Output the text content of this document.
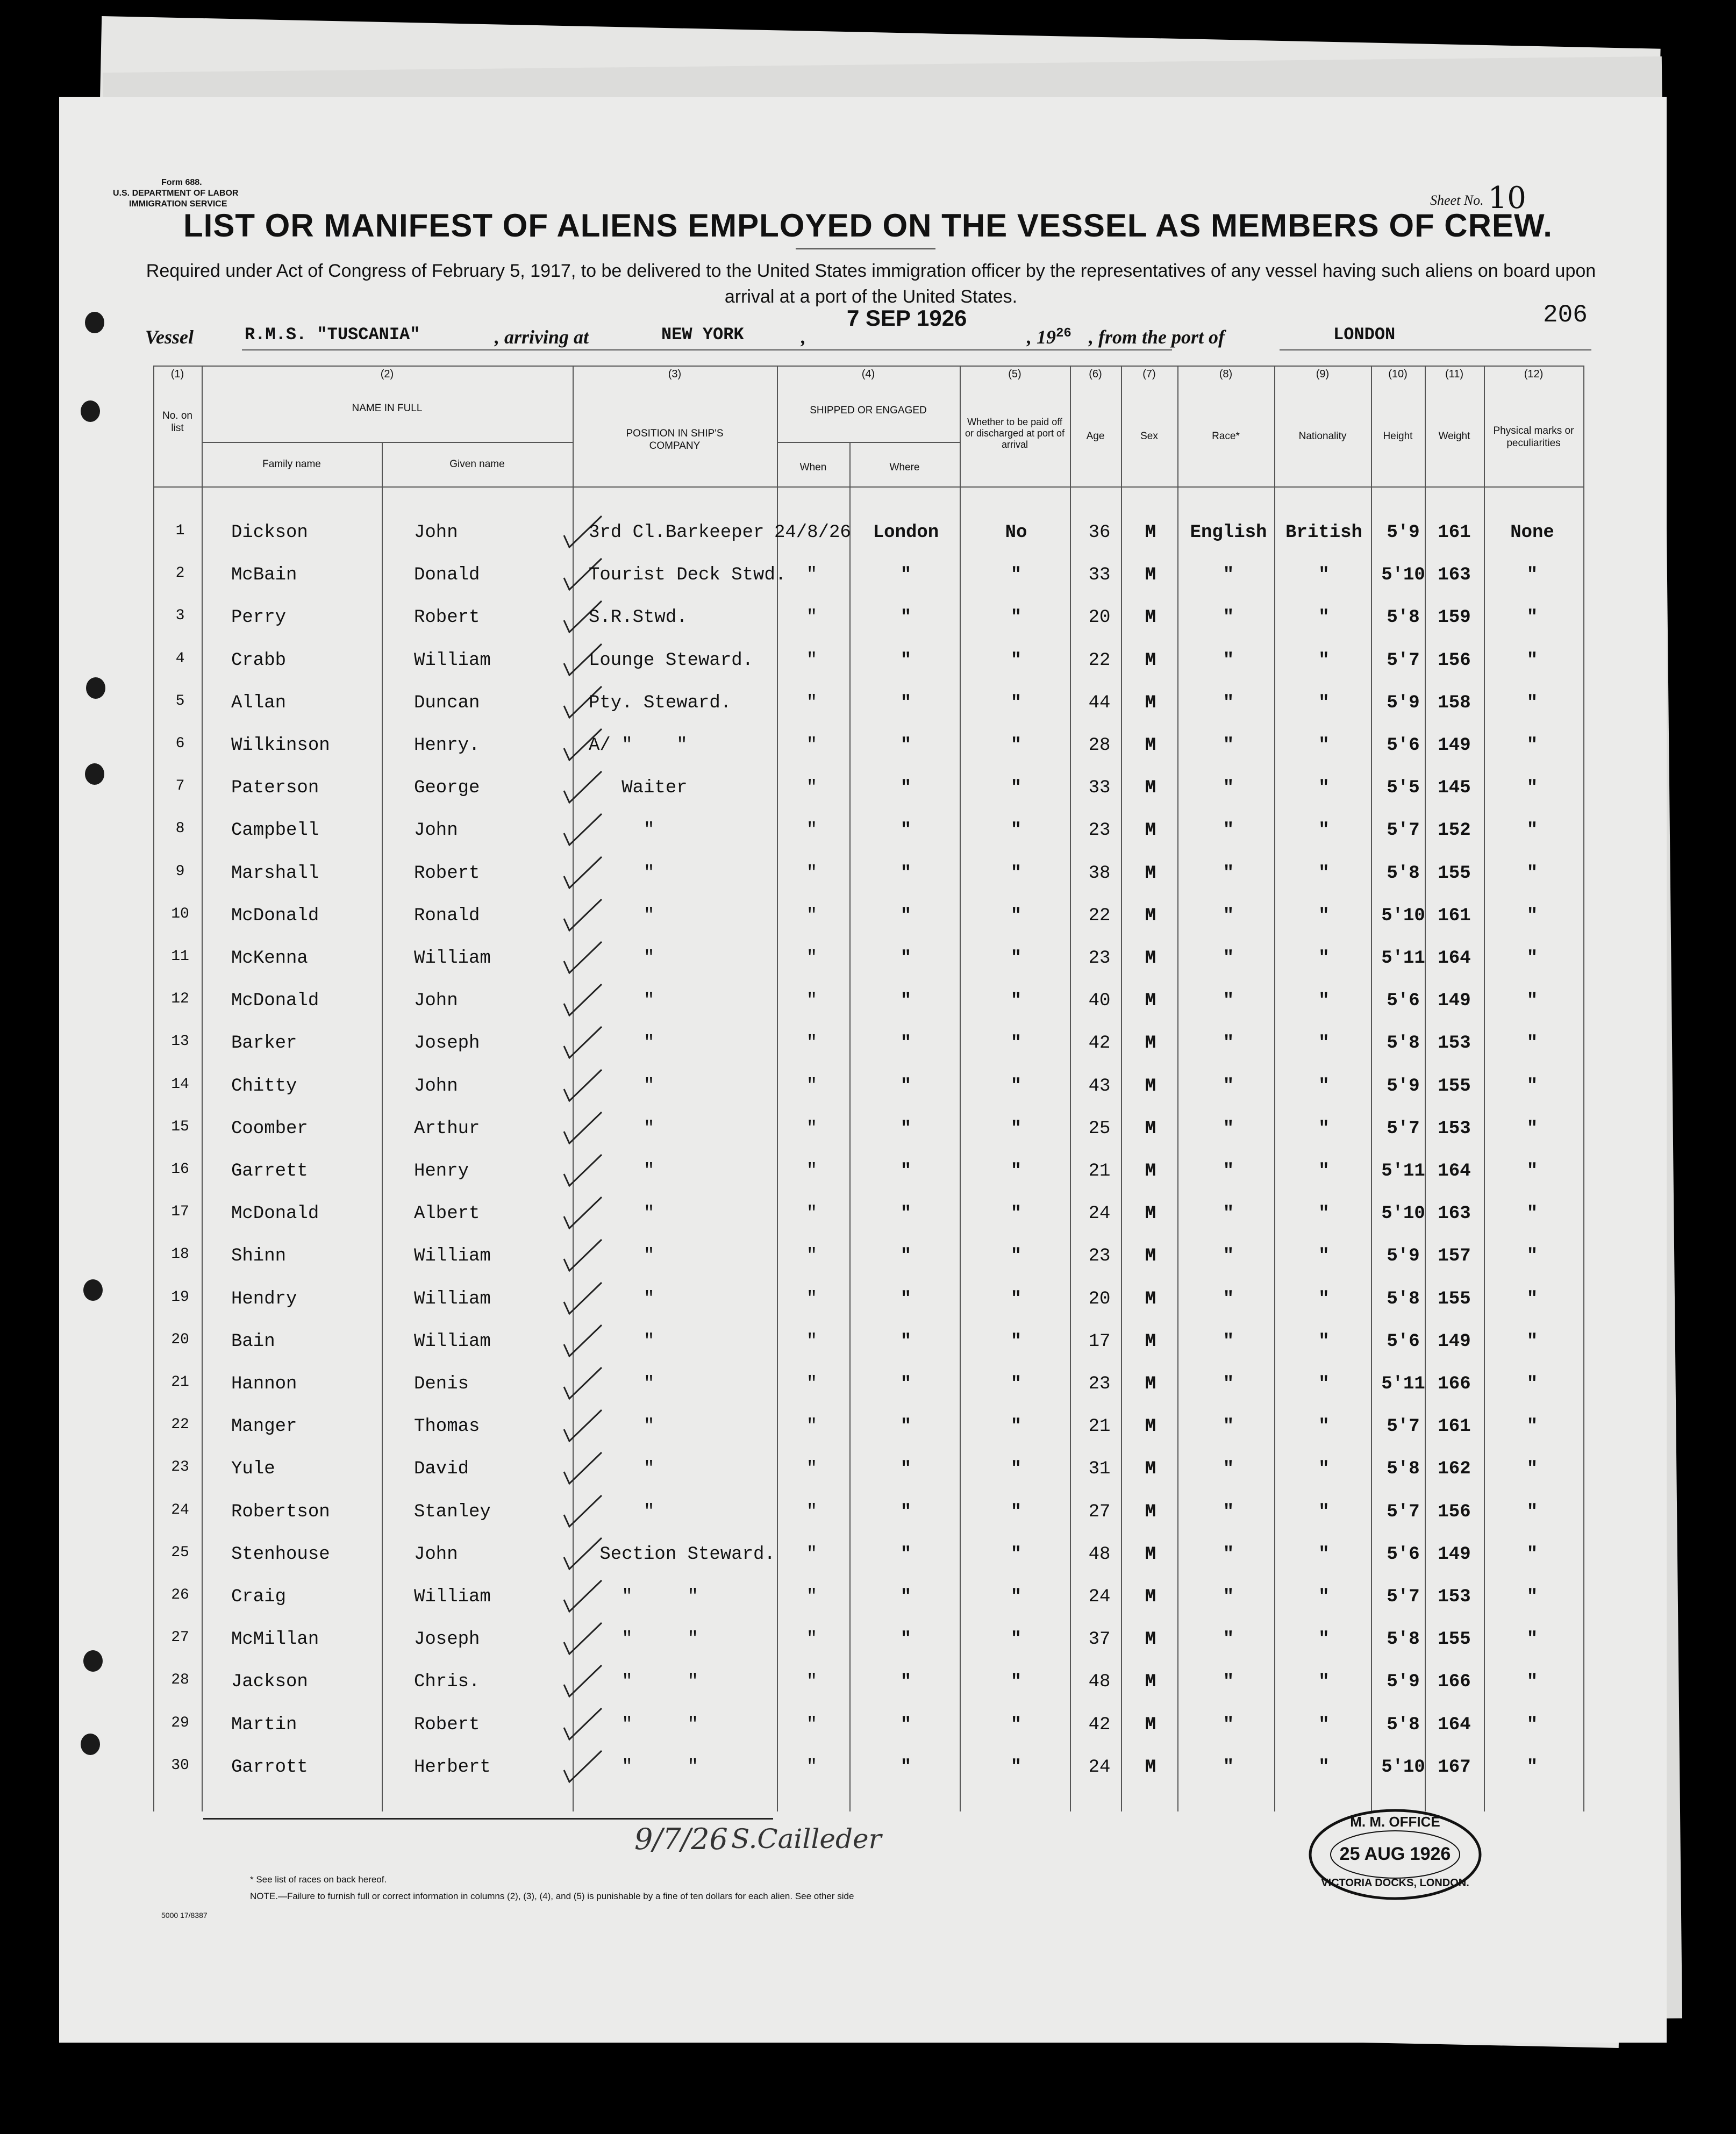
Form 688.
U.S. DEPARTMENT OF LABOR
IMMIGRATION SERVICE	Sheet No. 10
LIST OR MANIFEST OF ALIENS EMPLOYED ON THE VESSEL AS MEMBERS OF CREW.
Required under Act of Congress of February 5, 1917, to be delivered to the United States immigration officer by the representatives of any vessel having such aliens on board upon arrival at a port of the United States.
206
7 SEP 1926
Vessel	R.M.S. "TUSCANIA"	, arriving at	NEW YORK	,	, $19^{26}$ , from the port of	LONDON
(1)	(2)	(3)	(4)	(5)	(6)	(7)	(8)	(9)	(10)	(11)	(12)
No. on list
NAME IN FULL
Family name	Given name
POSITION IN SHIP'S COMPANY
SHIPPED OR ENGAGED
When	Where
Whether to be paid off or discharged at port of arrival
Age	Sex	Race*	Nationality	Height	Weight	Physical marks or peculiarities
1	Dickson	John	3rd Cl.Barkeeper 24/8/26	London	No	36	M	English	British	5'9 161	None
2	McBain	Donald	Tourist Deck Stwd.	"	"	"	33	M	"	"	5'10 163	"
3	Perry	Robert	S.R.Stwd.	"	"	"	20	M	"	"	5'8 159	"
4	Crabb	William	Lounge Steward.	"	"	"	22	M	"	"	5'7 156	"
5	Allan	Duncan	Pty. Steward.	"	"	"	44	M	"	"	5'9 158	"
6	Wilkinson	Henry.	A/ "    "	"	"	"	28	M	"	"	5'6 149	"
7	Paterson	George	Waiter	"	"	"	33	M	"	"	5'5 145	"
8	Campbell	John	"	"	"	"	23	M	"	"	5'7 152	"
9	Marshall	Robert	"	"	"	"	38	M	"	"	5'8 155	"
10	McDonald	Ronald	"	"	"	"	22	M	"	"	5'10 161	"
11	McKenna	William	"	"	"	"	23	M	"	"	5'11 164	"
12	McDonald	John	"	"	"	"	40	M	"	"	5'6 149	"
13	Barker	Joseph	"	"	"	"	42	M	"	"	5'8 153	"
14	Chitty	John	"	"	"	"	43	M	"	"	5'9 155	"
15	Coomber	Arthur	"	"	"	"	25	M	"	"	5'7 153	"
16	Garrett	Henry	"	"	"	"	21	M	"	"	5'11 164	"
17	McDonald	Albert	"	"	"	"	24	M	"	"	5'10 163	"
18	Shinn	William	"	"	"	"	23	M	"	"	5'9 157	"
19	Hendry	William	"	"	"	"	20	M	"	"	5'8 155	"
20	Bain	William	"	"	"	"	17	M	"	"	5'6 149	"
21	Hannon	Denis	"	"	"	"	23	M	"	"	5'11 166	"
22	Manger	Thomas	"	"	"	"	21	M	"	"	5'7 161	"
23	Yule	David	"	"	"	"	31	M	"	"	5'8 162	"
24	Robertson	Stanley	"	"	"	"	27	M	"	"	5'7 156	"
25	Stenhouse	John	Section Steward.	"	"	"	48	M	"	"	5'6 149	"
26	Craig	William	"     "	"	"	"	24	M	"	"	5'7 153	"
27	McMillan	Joseph	"     "	"	"	"	37	M	"	"	5'8 155	"
28	Jackson	Chris.	"     "	"	"	"	48	M	"	"	5'9 166	"
29	Martin	Robert	"     "	"	"	"	42	M	"	"	5'8 164	"
30	Garrott	Herbert	"     "	"	"	"	24	M	"	"	5'10 167	"
9/7/26 S.Cailleder
M. M. OFFICE
25 AUG 1926
VICTORIA DOCKS, LONDON.
* See list of races on back hereof.
NOTE.—Failure to furnish full or correct information in columns (2), (3), (4), and (5) is punishable by a fine of ten dollars for each alien. See other side
5000 17/8387
